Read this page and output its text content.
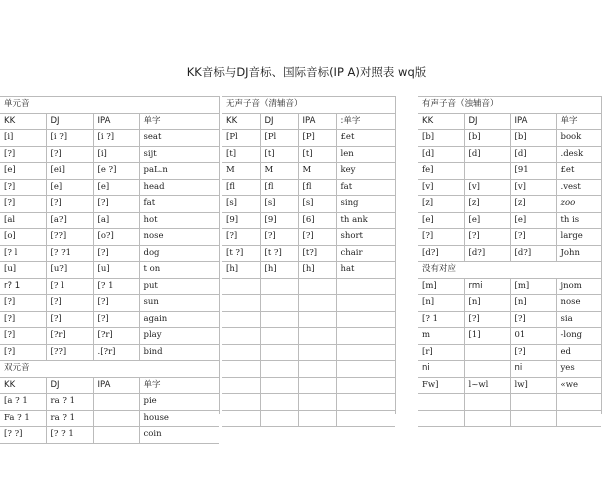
KK音标与DJ音标、国际音标(IP A)对照表 wq版
单元音			
KK	DJ	IPA	单字
[i]	[i ?]	[i ?]	seat
[?]	[?]	[i]	sijt
[e]	[ei]	[e ?]	paL.n
[?]	[e]	[e]	head
[?]	[?]	[?]	fat
[al	[a?]	[a]	hot
[o]	[??]	[o?]	nose
[? l	[? ?1	[?]	dog
[u]	[u?]	[u]	t on
r? 1	[? l	[? 1	put
[?]	[?]	[?]	sun
[?]	[?]	[?]	again
[?]	[?r]	[?r]	play
[?]	[??]	.[?r]	bind
双元音			
KK	DJ	IPA	单字
[a ? 1	ra ? 1		pie
Fa ? 1	ra ? 1		house
[? ?]	[? ? 1		coin
无声子音（清辅音）			
KK	DJ	IPA	:单字
[Pl	[Pl	[P]	£et
[t]	[t]	[t]	len
M	M	M	key
[fl	[fl	[fl	fat
[s]	[s]	[s]	sing
[9]	[9]	[6]	th ank
[?]	[?]	[?]	short
[t ?]	[t ?]	[t?]	chair
[h]	[h]	[h]	hat

有声子音（浊辅音）			
KK	DJ	IPA	单字
[b]	[b]	[b]	book
[d]	[d]	[d]	.desk
fe]		[91	£et
[v]	[v]	[v]	.vest
[z]	[z]	[z]	zoo
[e]	[e]	[e]	th is
[?]	[?]	[?]	large
[d?]	[d?]	[d?]	John
没有对应			
[m]	rmi	[m]	jnom
[n]	[n]	[n]	nose
[? 1	[?]	[?]	sia
m	[1]	01	-long
[r]		[?]	ed
ni		ni	yes
Fw]	l~wl	lw]	«we
